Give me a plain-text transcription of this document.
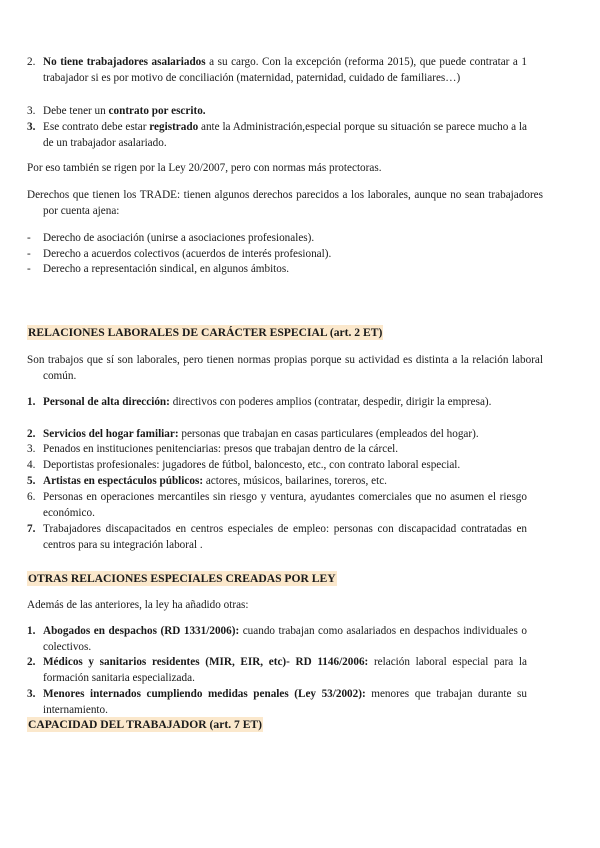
2. No tiene trabajadores asalariados a su cargo. Con la excepción (reforma 2015), que puede contratar a 1 trabajador si es por motivo de conciliación (maternidad, paternidad, cuidado de familiares…)
3. Debe tener un contrato por escrito.
3. Ese contrato debe estar registrado ante la Administración,especial porque su situación se parece mucho a la de un trabajador asalariado.
Por eso también se rigen por la Ley 20/2007, pero con normas más protectoras.
Derechos que tienen los TRADE: tienen algunos derechos parecidos a los laborales, aunque no sean trabajadores por cuenta ajena:
- Derecho de asociación (unirse a asociaciones profesionales).
- Derecho a acuerdos colectivos (acuerdos de interés profesional).
- Derecho a representación sindical, en algunos ámbitos.
RELACIONES LABORALES DE CARÁCTER ESPECIAL (art. 2 ET)
Son trabajos que sí son laborales, pero tienen normas propias porque su actividad es distinta a la relación laboral común.
1. Personal de alta dirección: directivos con poderes amplios (contratar, despedir, dirigir la empresa).
2. Servicios del hogar familiar: personas que trabajan en casas particulares (empleados del hogar).
3. Penados en instituciones penitenciarias: presos que trabajan dentro de la cárcel.
4. Deportistas profesionales: jugadores de fútbol, baloncesto, etc., con contrato laboral especial.
5. Artistas en espectáculos públicos: actores, músicos, bailarines, toreros, etc.
6. Personas en operaciones mercantiles sin riesgo y ventura, ayudantes comerciales que no asumen el riesgo económico.
7. Trabajadores discapacitados en centros especiales de empleo: personas con discapacidad contratadas en centros para su integración laboral .
OTRAS RELACIONES ESPECIALES CREADAS POR LEY
Además de las anteriores, la ley ha añadido otras:
1. Abogados en despachos (RD 1331/2006): cuando trabajan como asalariados en despachos individuales o colectivos.
2. Médicos y sanitarios residentes (MIR, EIR, etc)- RD 1146/2006: relación laboral especial para la formación sanitaria especializada.
3. Menores internados cumpliendo medidas penales (Ley 53/2002): menores que trabajan durante su internamiento.
CAPACIDAD DEL TRABAJADOR (art. 7 ET)
